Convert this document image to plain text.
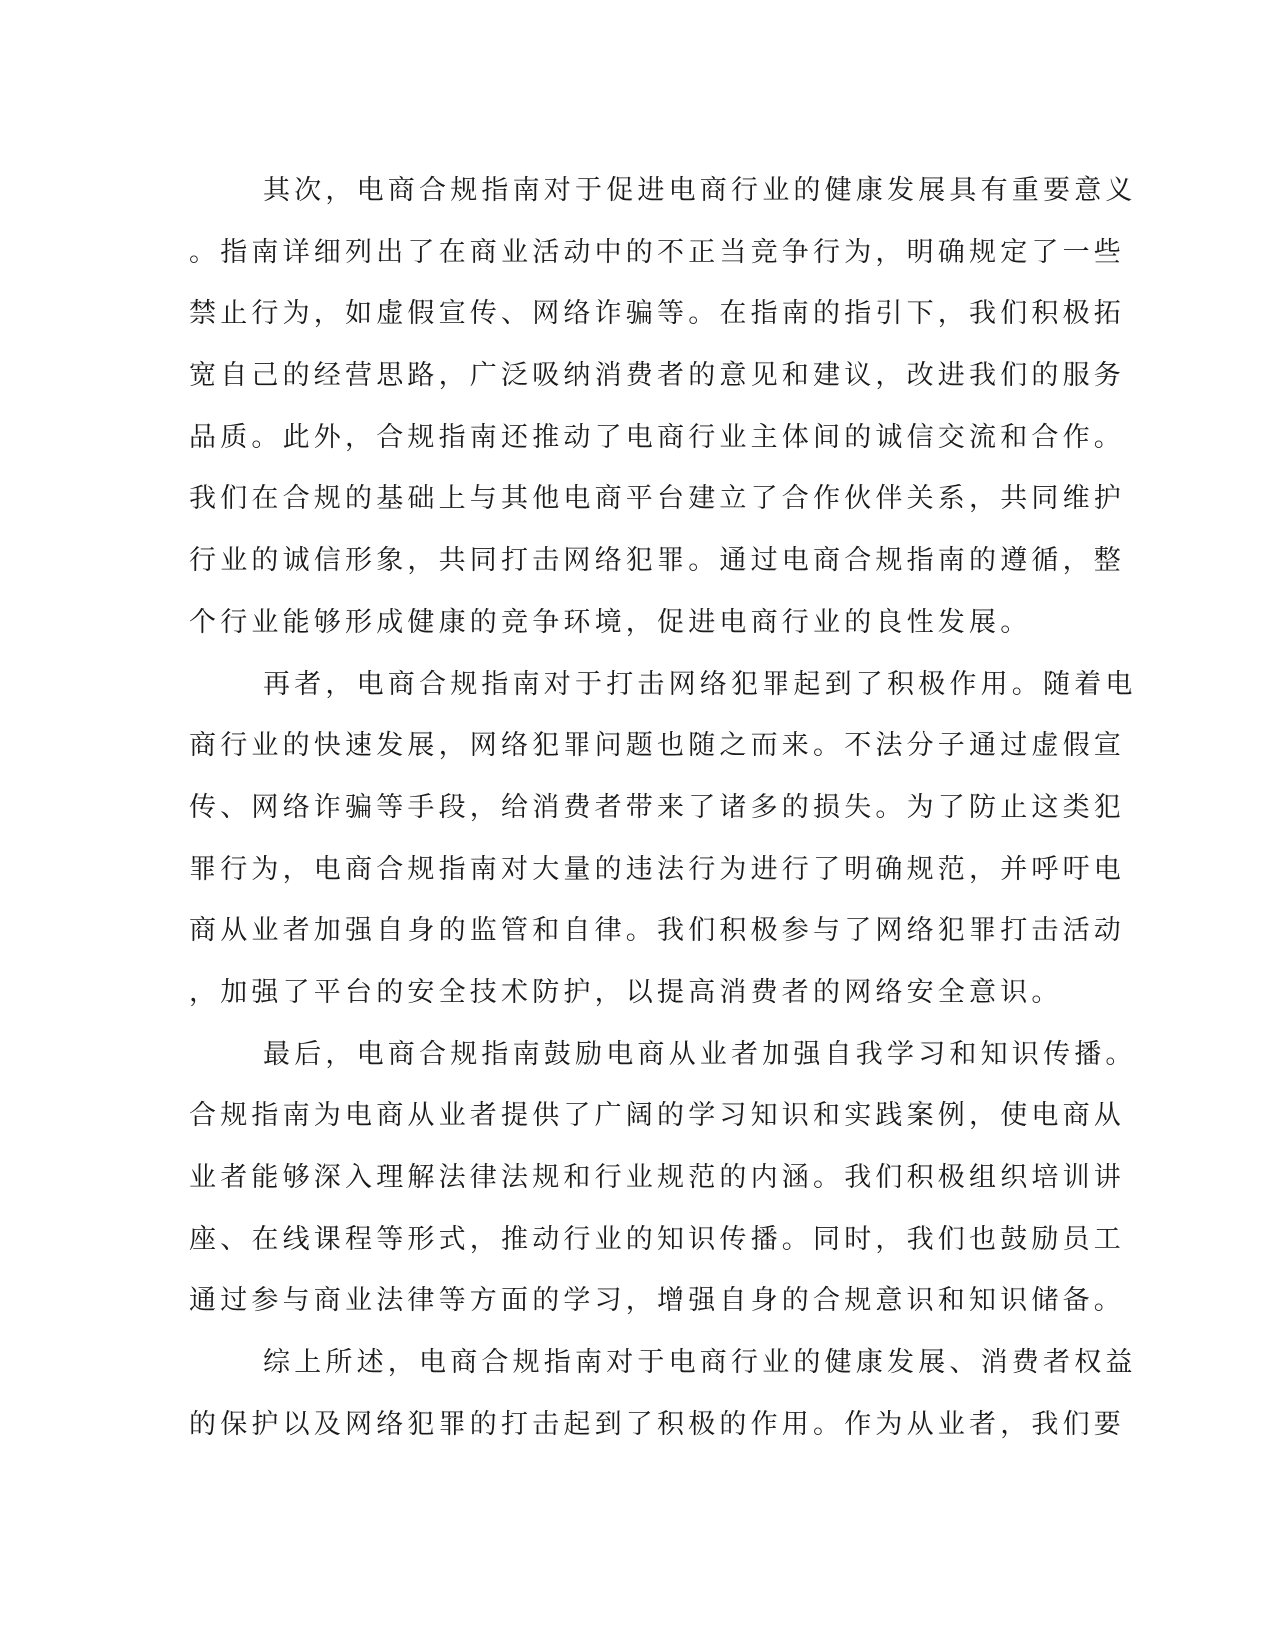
其次，电商合规指南对于促进电商行业的健康发展具有重要意义
。指南详细列出了在商业活动中的不正当竞争行为，明确规定了一些
禁止行为，如虚假宣传、网络诈骗等。在指南的指引下，我们积极拓
宽自己的经营思路，广泛吸纳消费者的意见和建议，改进我们的服务
品质。此外，合规指南还推动了电商行业主体间的诚信交流和合作。
我们在合规的基础上与其他电商平台建立了合作伙伴关系，共同维护
行业的诚信形象，共同打击网络犯罪。通过电商合规指南的遵循，整
个行业能够形成健康的竞争环境，促进电商行业的良性发展。
再者，电商合规指南对于打击网络犯罪起到了积极作用。随着电
商行业的快速发展，网络犯罪问题也随之而来。不法分子通过虚假宣
传、网络诈骗等手段，给消费者带来了诸多的损失。为了防止这类犯
罪行为，电商合规指南对大量的违法行为进行了明确规范，并呼吁电
商从业者加强自身的监管和自律。我们积极参与了网络犯罪打击活动
，加强了平台的安全技术防护，以提高消费者的网络安全意识。
最后，电商合规指南鼓励电商从业者加强自我学习和知识传播。
合规指南为电商从业者提供了广阔的学习知识和实践案例，使电商从
业者能够深入理解法律法规和行业规范的内涵。我们积极组织培训讲
座、在线课程等形式，推动行业的知识传播。同时，我们也鼓励员工
通过参与商业法律等方面的学习，增强自身的合规意识和知识储备。
综上所述，电商合规指南对于电商行业的健康发展、消费者权益
的保护以及网络犯罪的打击起到了积极的作用。作为从业者，我们要
